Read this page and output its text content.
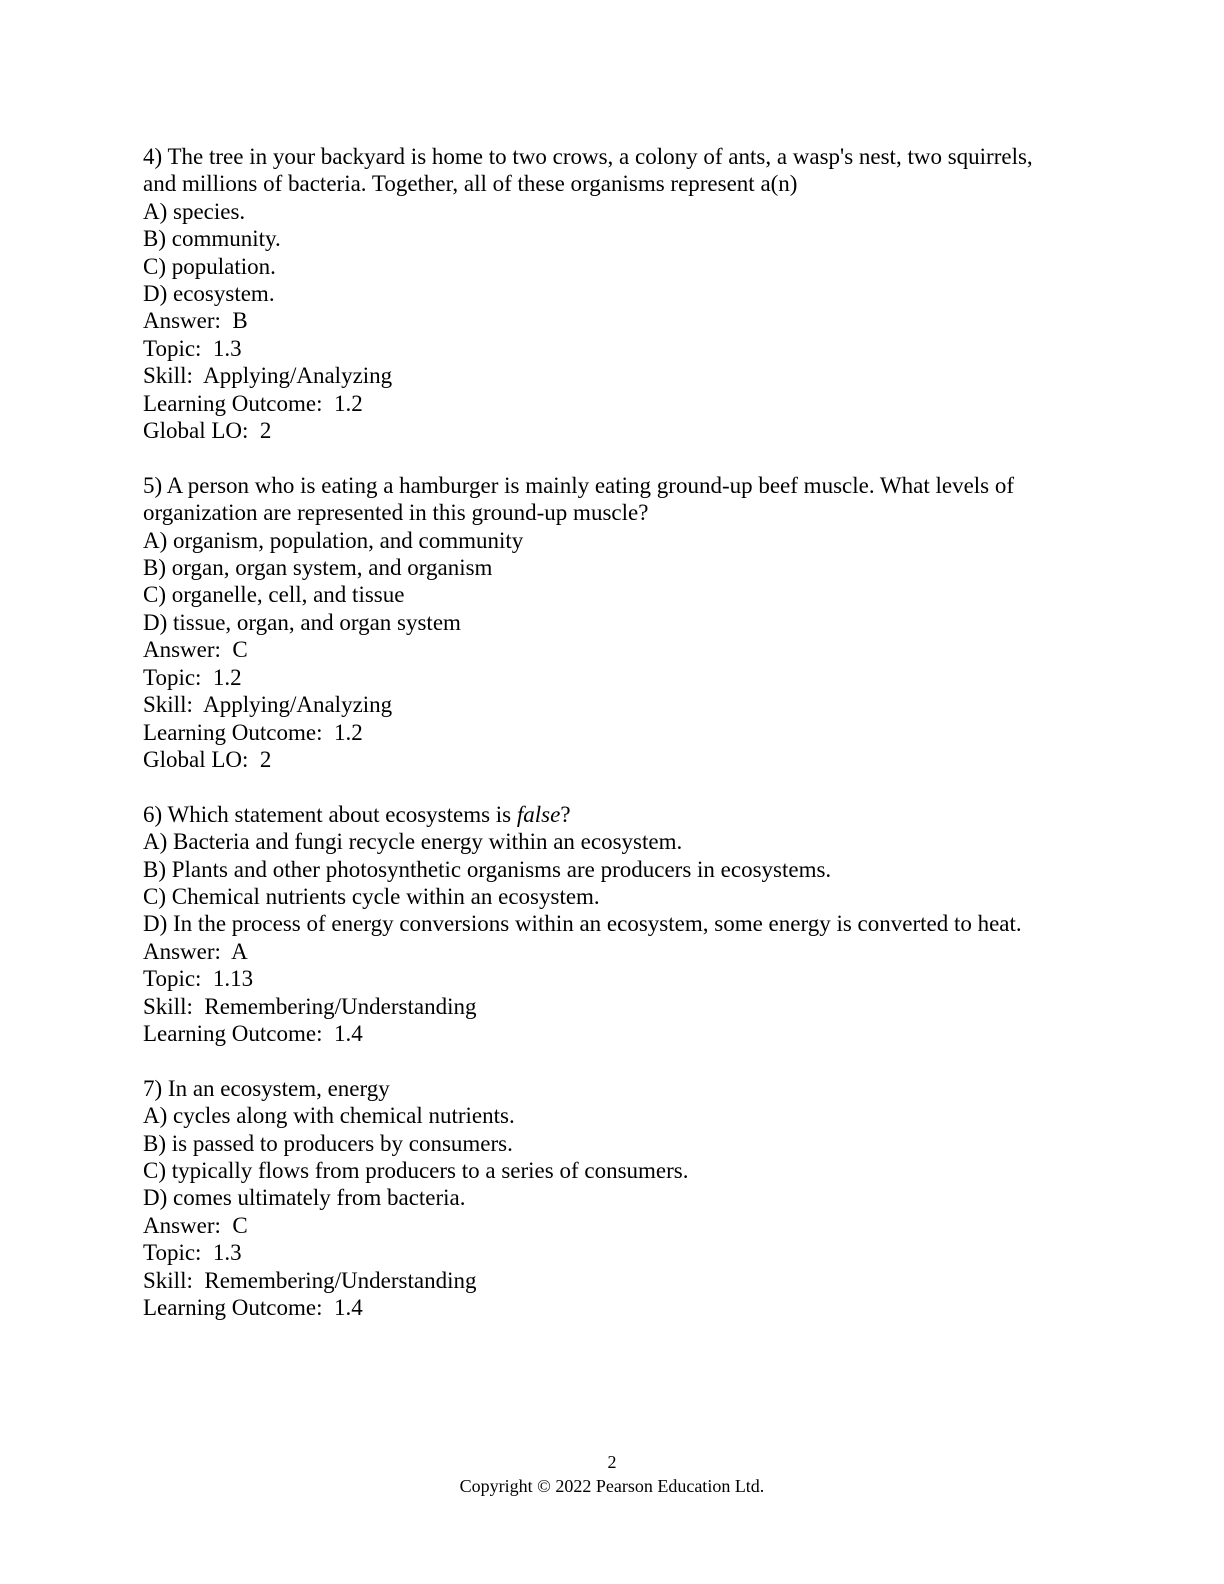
4) The tree in your backyard is home to two crows, a colony of ants, a wasp's nest, two squirrels,
and millions of bacteria. Together, all of these organisms represent a(n)
A) species.
B) community.
C) population.
D) ecosystem.
Answer:  B
Topic:  1.3
Skill:  Applying/Analyzing
Learning Outcome:  1.2
Global LO:  2
5) A person who is eating a hamburger is mainly eating ground-up beef muscle. What levels of
organization are represented in this ground-up muscle?
A) organism, population, and community
B) organ, organ system, and organism
C) organelle, cell, and tissue
D) tissue, organ, and organ system
Answer:  C
Topic:  1.2
Skill:  Applying/Analyzing
Learning Outcome:  1.2
Global LO:  2
6) Which statement about ecosystems is false?
A) Bacteria and fungi recycle energy within an ecosystem.
B) Plants and other photosynthetic organisms are producers in ecosystems.
C) Chemical nutrients cycle within an ecosystem.
D) In the process of energy conversions within an ecosystem, some energy is converted to heat.
Answer:  A
Topic:  1.13
Skill:  Remembering/Understanding
Learning Outcome:  1.4
7) In an ecosystem, energy
A) cycles along with chemical nutrients.
B) is passed to producers by consumers.
C) typically flows from producers to a series of consumers.
D) comes ultimately from bacteria.
Answer:  C
Topic:  1.3
Skill:  Remembering/Understanding
Learning Outcome:  1.4
2
Copyright © 2022 Pearson Education Ltd.
